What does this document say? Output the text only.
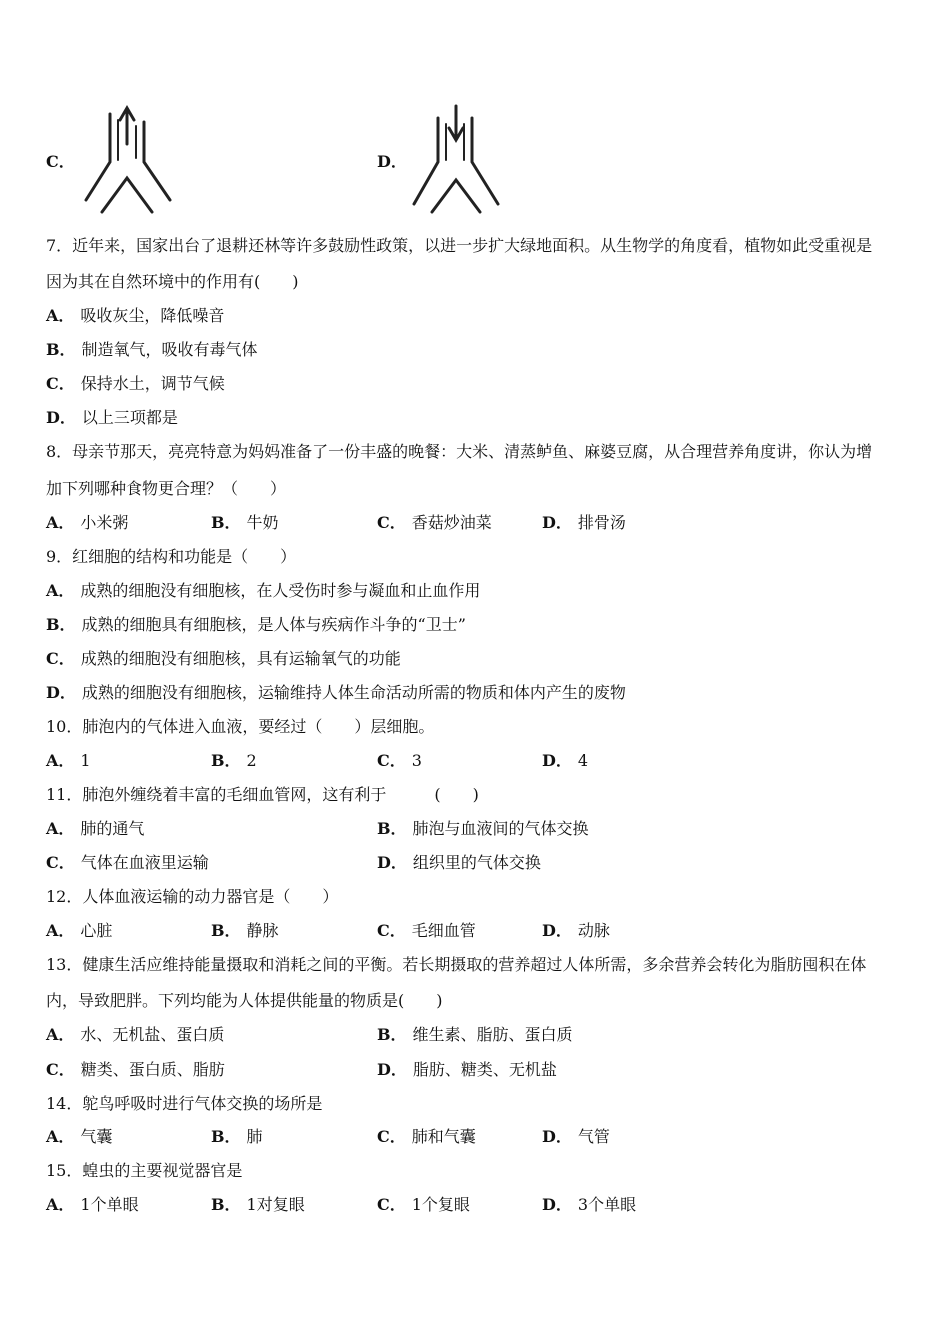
C．	D．
7．近年来，国家出台了退耕还林等许多鼓励性政策，以进一步扩大绿地面积。从生物学的角度看，植物如此受重视是
因为其在自然环境中的作用有(　　)
A． 吸收灰尘，降低噪音
B． 制造氧气，吸收有毒气体
C． 保持水土，调节气候
D． 以上三项都是
8．母亲节那天，亮亮特意为妈妈准备了一份丰盛的晚餐：大米、清蒸鲈鱼、麻婆豆腐，从合理营养角度讲，你认为增
加下列哪种食物更合理？（　　）
A． 小米粥	B． 牛奶	C． 香菇炒油菜	D． 排骨汤
9．红细胞的结构和功能是（　　）
A． 成熟的细胞没有细胞核，在人受伤时参与凝血和止血作用
B． 成熟的细胞具有细胞核，是人体与疾病作斗争的“卫士”
C． 成熟的细胞没有细胞核，具有运输氧气的功能
D． 成熟的细胞没有细胞核，运输维持人体生命活动所需的物质和体内产生的废物
10．肺泡内的气体进入血液，要经过（　　）层细胞。
A． 1	B． 2	C． 3	D． 4
11．肺泡外缠绕着丰富的毛细血管网，这有利于　　　(　　)
A． 肺的通气	B． 肺泡与血液间的气体交换
C． 气体在血液里运输	D． 组织里的气体交换
12．人体血液运输的动力器官是（　　）
A． 心脏	B． 静脉	C． 毛细血管	D． 动脉
13．健康生活应维持能量摄取和消耗之间的平衡。若长期摄取的营养超过人体所需，多余营养会转化为脂肪囤积在体
内，导致肥胖。下列均能为人体提供能量的物质是(　　)
A． 水、无机盐、蛋白质	B． 维生素、脂肪、蛋白质
C． 糖类、蛋白质、脂肪	D． 脂肪、糖类、无机盐
14．鸵鸟呼吸时进行气体交换的场所是
A． 气囊	B． 肺	C． 肺和气囊	D． 气管
15．蝗虫的主要视觉器官是
A． 1个单眼	B． 1对复眼	C． 1个复眼	D． 3个单眼
